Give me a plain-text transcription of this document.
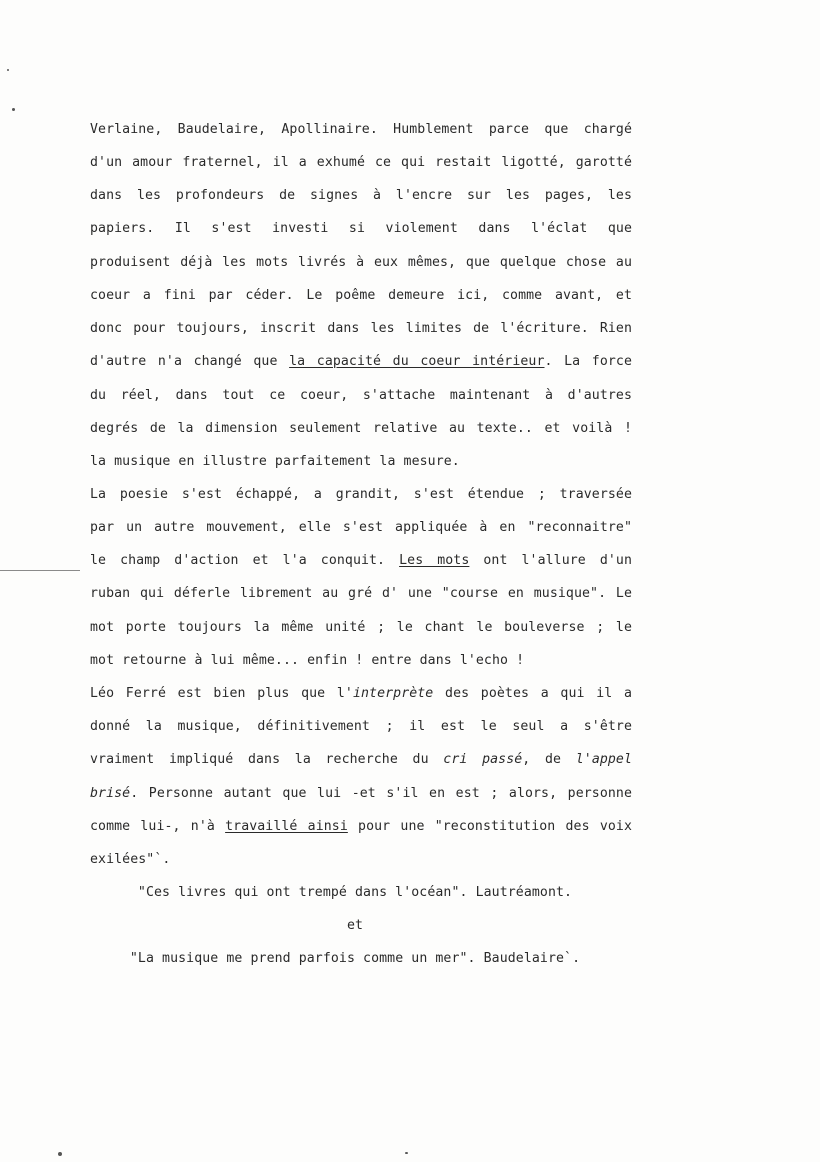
Verlaine, Baudelaire, Apollinaire. Humblement parce que chargé
d'un amour fraternel, il a exhumé ce qui restait ligotté, garotté
dans les profondeurs de signes à l'encre sur les pages, les
papiers. Il s'est investi si violement dans l'éclat que
produisent déjà les mots livrés à eux mêmes, que quelque chose au
coeur a fini par céder. Le poême demeure ici, comme avant, et
donc pour toujours, inscrit dans les limites de l'écriture. Rien
d'autre n'a changé que la capacité du coeur intérieur. La force
du réel, dans tout ce coeur, s'attache maintenant à d'autres
degrés de la dimension seulement relative au texte.. et voilà !
la musique en illustre parfaitement la mesure.
La poesie s'est échappé, a grandit, s'est étendue ; traversée
par un autre mouvement, elle s'est appliquée à en "reconnaitre"
le champ d'action et l'a conquit. Les mots ont l'allure d'un
ruban qui déferle librement au gré d' une "course en musique". Le
mot porte toujours la même unité ; le chant le bouleverse ; le
mot retourne à lui même... enfin ! entre dans l'echo !
Léo Ferré est bien plus que l'interprète des poètes a qui il a
donné la musique, définitivement ; il est le seul a s'être
vraiment impliqué dans la recherche du cri passé, de l'appel
brisé. Personne autant que lui -et s'il en est ; alors, personne
comme lui-, n'à travaillé ainsi pour une "reconstitution des voix
exilées"`.
"Ces livres qui ont trempé dans l'océan". Lautréamont.
et
"La musique me prend parfois comme un mer". Baudelaire`.
